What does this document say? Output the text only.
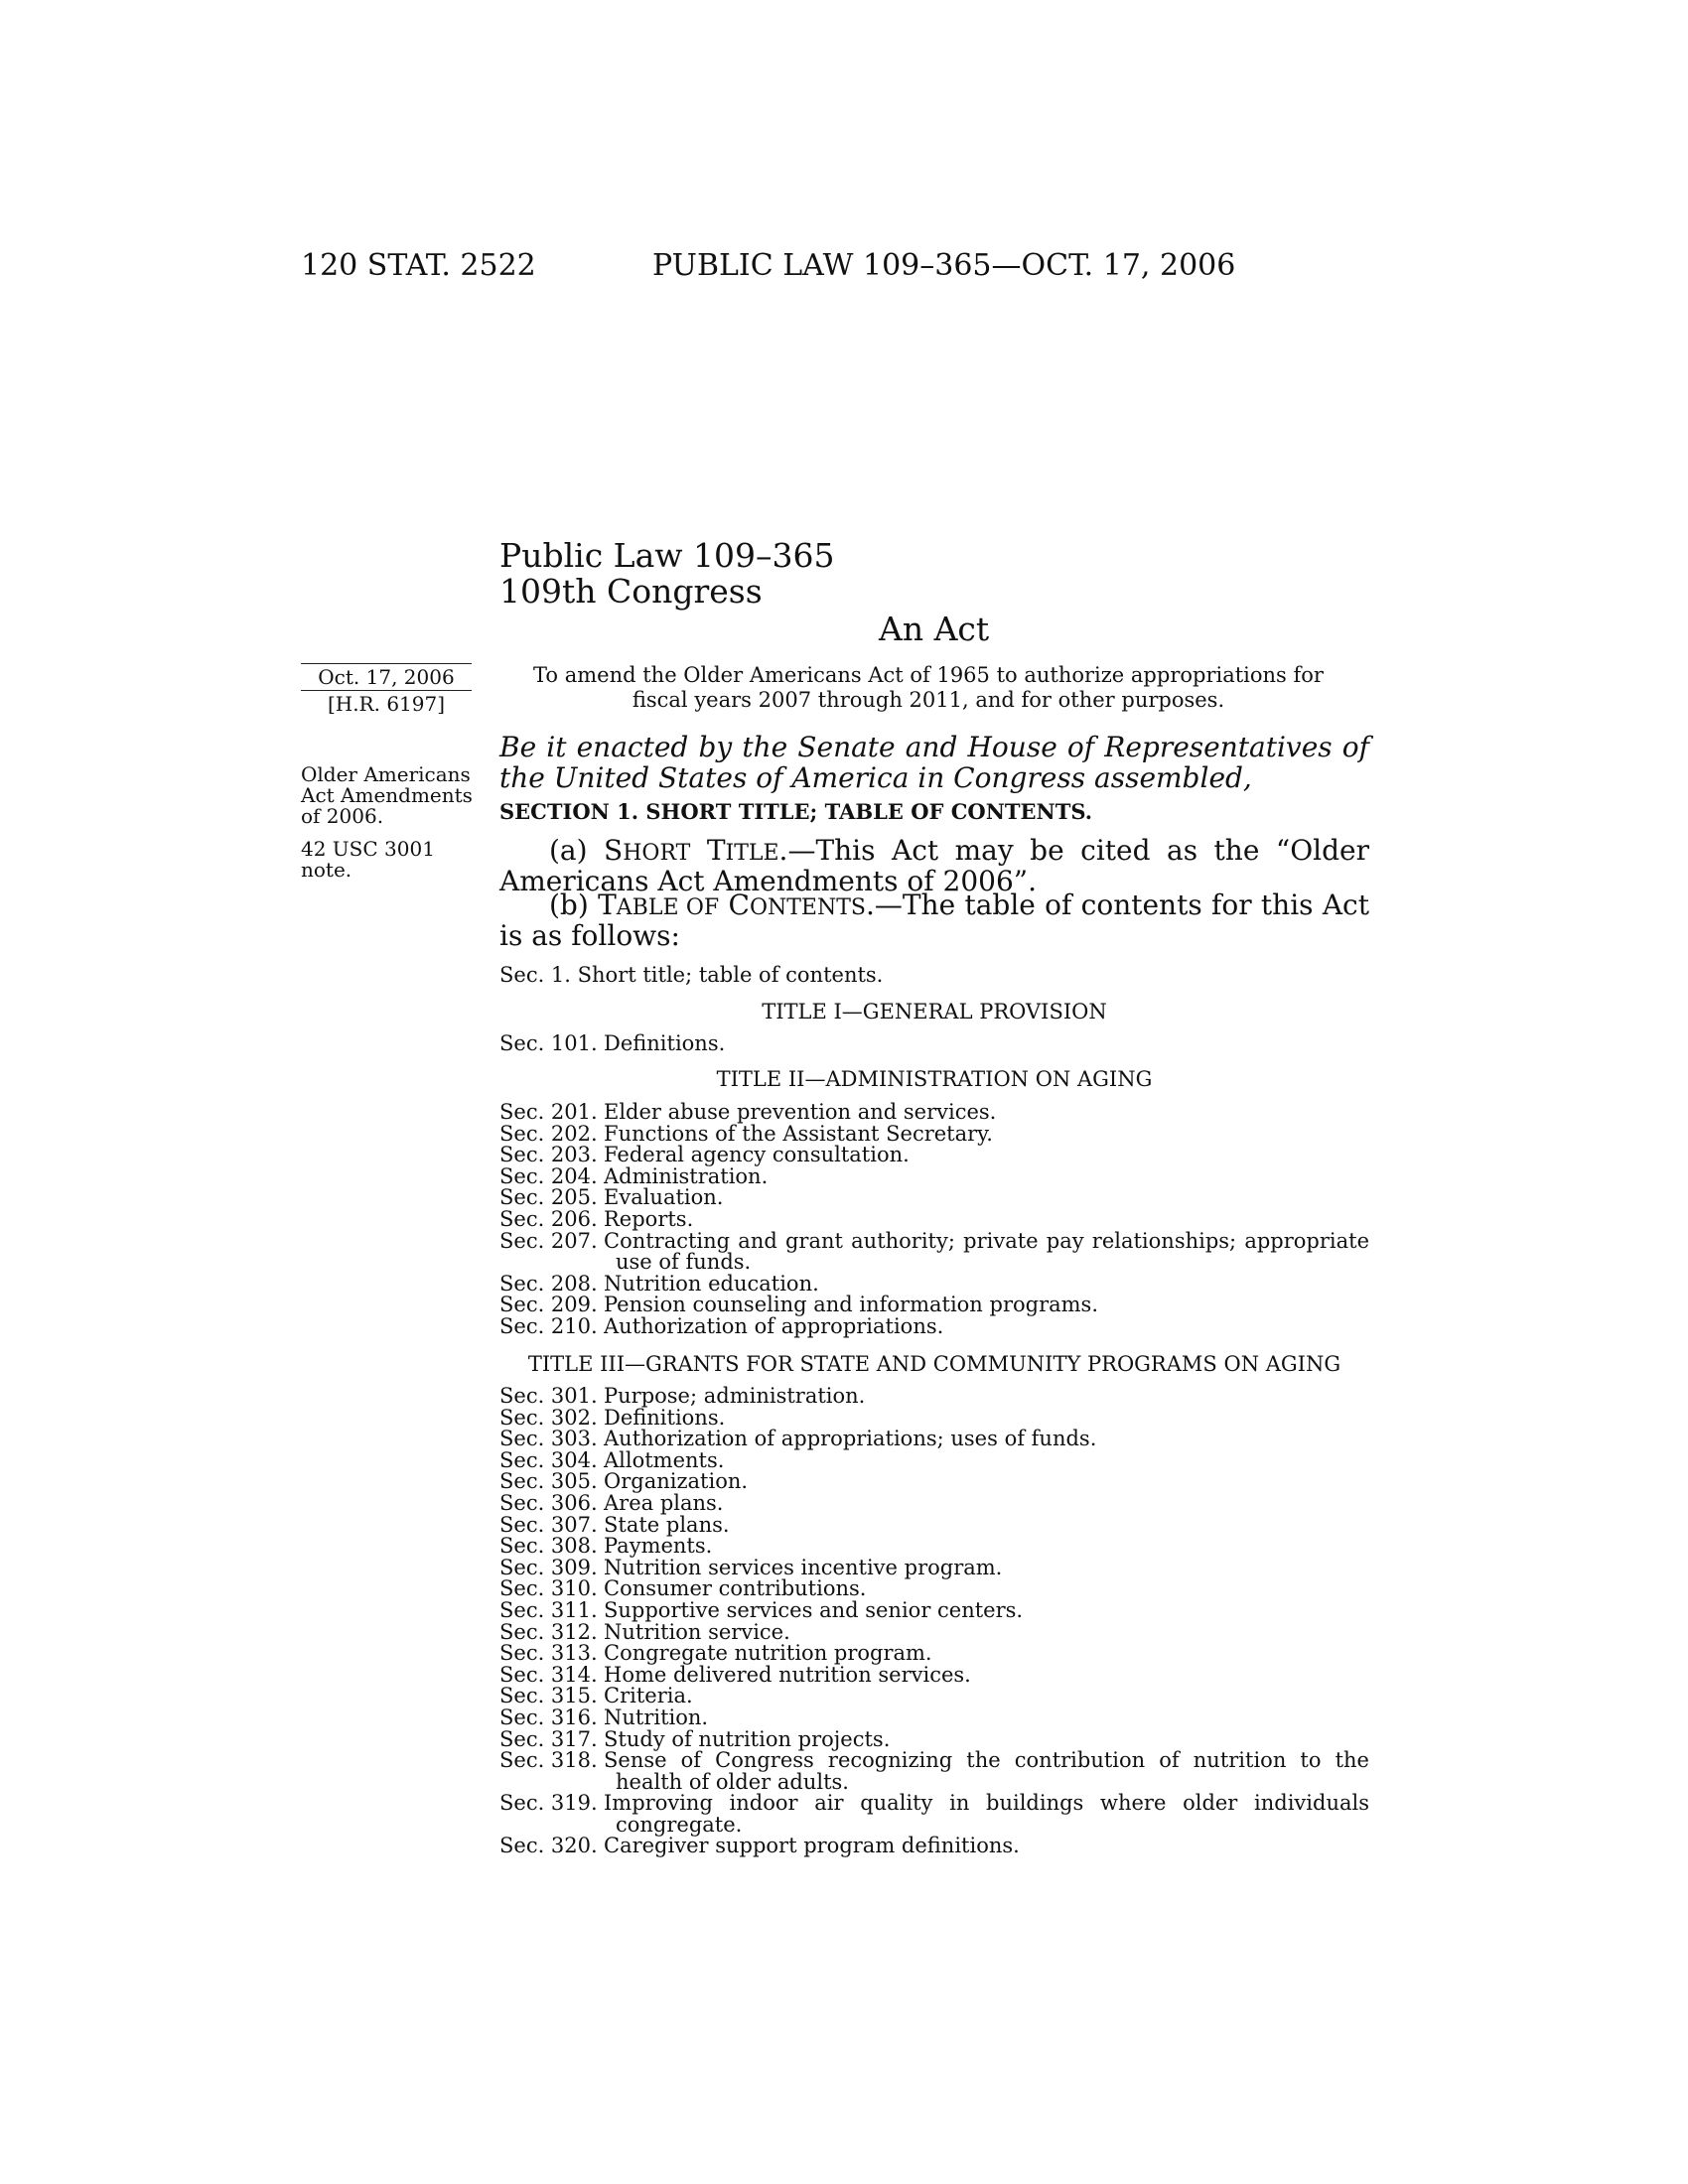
120 STAT. 2522	PUBLIC LAW 109–365—OCT. 17, 2006
Public Law 109–365
109th Congress
An Act
Oct. 17, 2006
[H.R. 6197]
Older Americans Act Amendments of 2006.
42 USC 3001 note.
To amend the Older Americans Act of 1965 to authorize appropriations for fiscal years 2007 through 2011, and for other purposes.
Be it enacted by the Senate and House of Representatives of the United States of America in Congress assembled,
SECTION 1. SHORT TITLE; TABLE OF CONTENTS.
(a) SHORT TITLE.—This Act may be cited as the “Older Americans Act Amendments of 2006”.
(b) TABLE OF CONTENTS.—The table of contents for this Act is as follows:
Sec. 1. Short title; table of contents.
TITLE I—GENERAL PROVISION
Sec. 101. Definitions.
TITLE II—ADMINISTRATION ON AGING
Sec. 201. Elder abuse prevention and services.
Sec. 202. Functions of the Assistant Secretary.
Sec. 203. Federal agency consultation.
Sec. 204. Administration.
Sec. 205. Evaluation.
Sec. 206. Reports.
Sec. 207. Contracting and grant authority; private pay relationships; appropriate use of funds.
Sec. 208. Nutrition education.
Sec. 209. Pension counseling and information programs.
Sec. 210. Authorization of appropriations.
TITLE III—GRANTS FOR STATE AND COMMUNITY PROGRAMS ON AGING
Sec. 301. Purpose; administration.
Sec. 302. Definitions.
Sec. 303. Authorization of appropriations; uses of funds.
Sec. 304. Allotments.
Sec. 305. Organization.
Sec. 306. Area plans.
Sec. 307. State plans.
Sec. 308. Payments.
Sec. 309. Nutrition services incentive program.
Sec. 310. Consumer contributions.
Sec. 311. Supportive services and senior centers.
Sec. 312. Nutrition service.
Sec. 313. Congregate nutrition program.
Sec. 314. Home delivered nutrition services.
Sec. 315. Criteria.
Sec. 316. Nutrition.
Sec. 317. Study of nutrition projects.
Sec. 318. Sense of Congress recognizing the contribution of nutrition to the health of older adults.
Sec. 319. Improving indoor air quality in buildings where older individuals congregate.
Sec. 320. Caregiver support program definitions.
